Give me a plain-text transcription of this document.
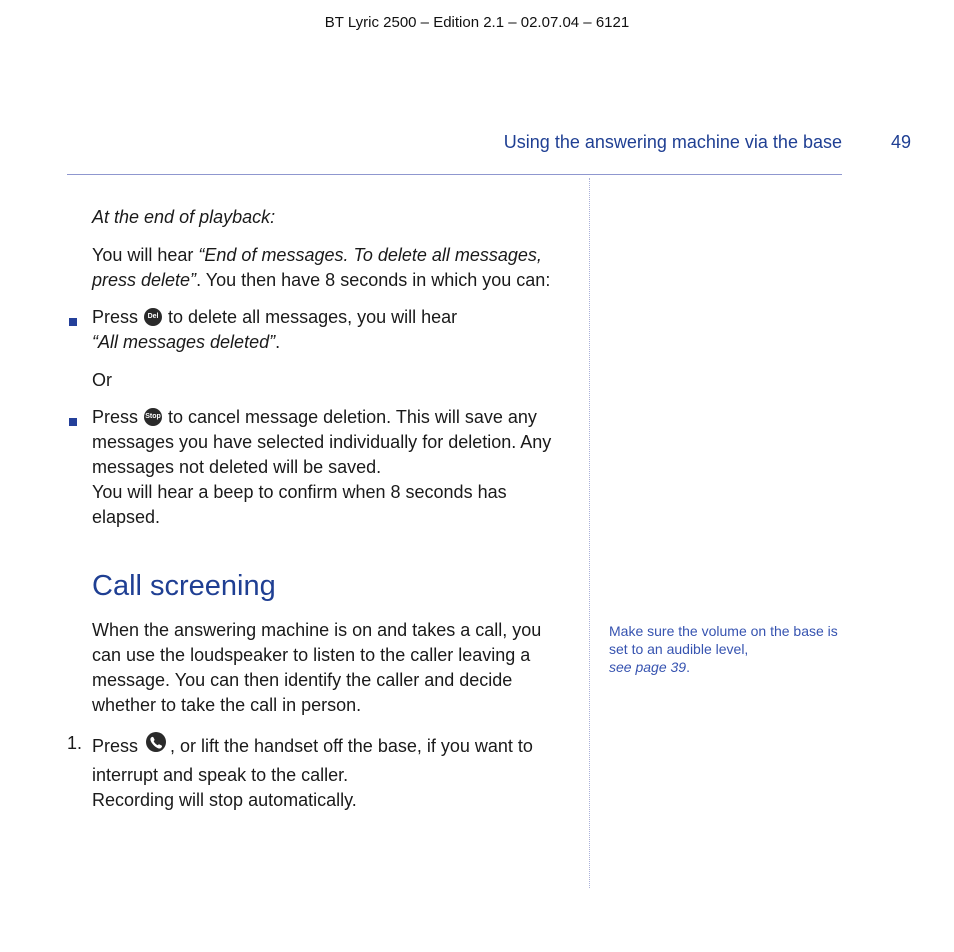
BT Lyric 2500 – Edition 2.1 – 02.07.04 – 6121
Using the answering machine via the base	49
At the end of playback:
You will hear “End of messages. To delete all messages, press delete”. You then have 8 seconds in which you can:
Press Del to delete all messages, you will hear
“All messages deleted”.
Or
Press Stop to cancel message deletion. This will save any messages you have selected individually for deletion. Any messages not deleted will be saved.
You will hear a beep to confirm when 8 seconds has elapsed.
Call screening
When the answering machine is on and takes a call, you can use the loudspeaker to listen to the caller leaving a message. You can then identify the caller and decide whether to take the call in person.
1. Press , or lift the handset off the base, if you want to interrupt and speak to the caller.
Recording will stop automatically.
Make sure the volume on the base is set to an audible level,
see page 39.
